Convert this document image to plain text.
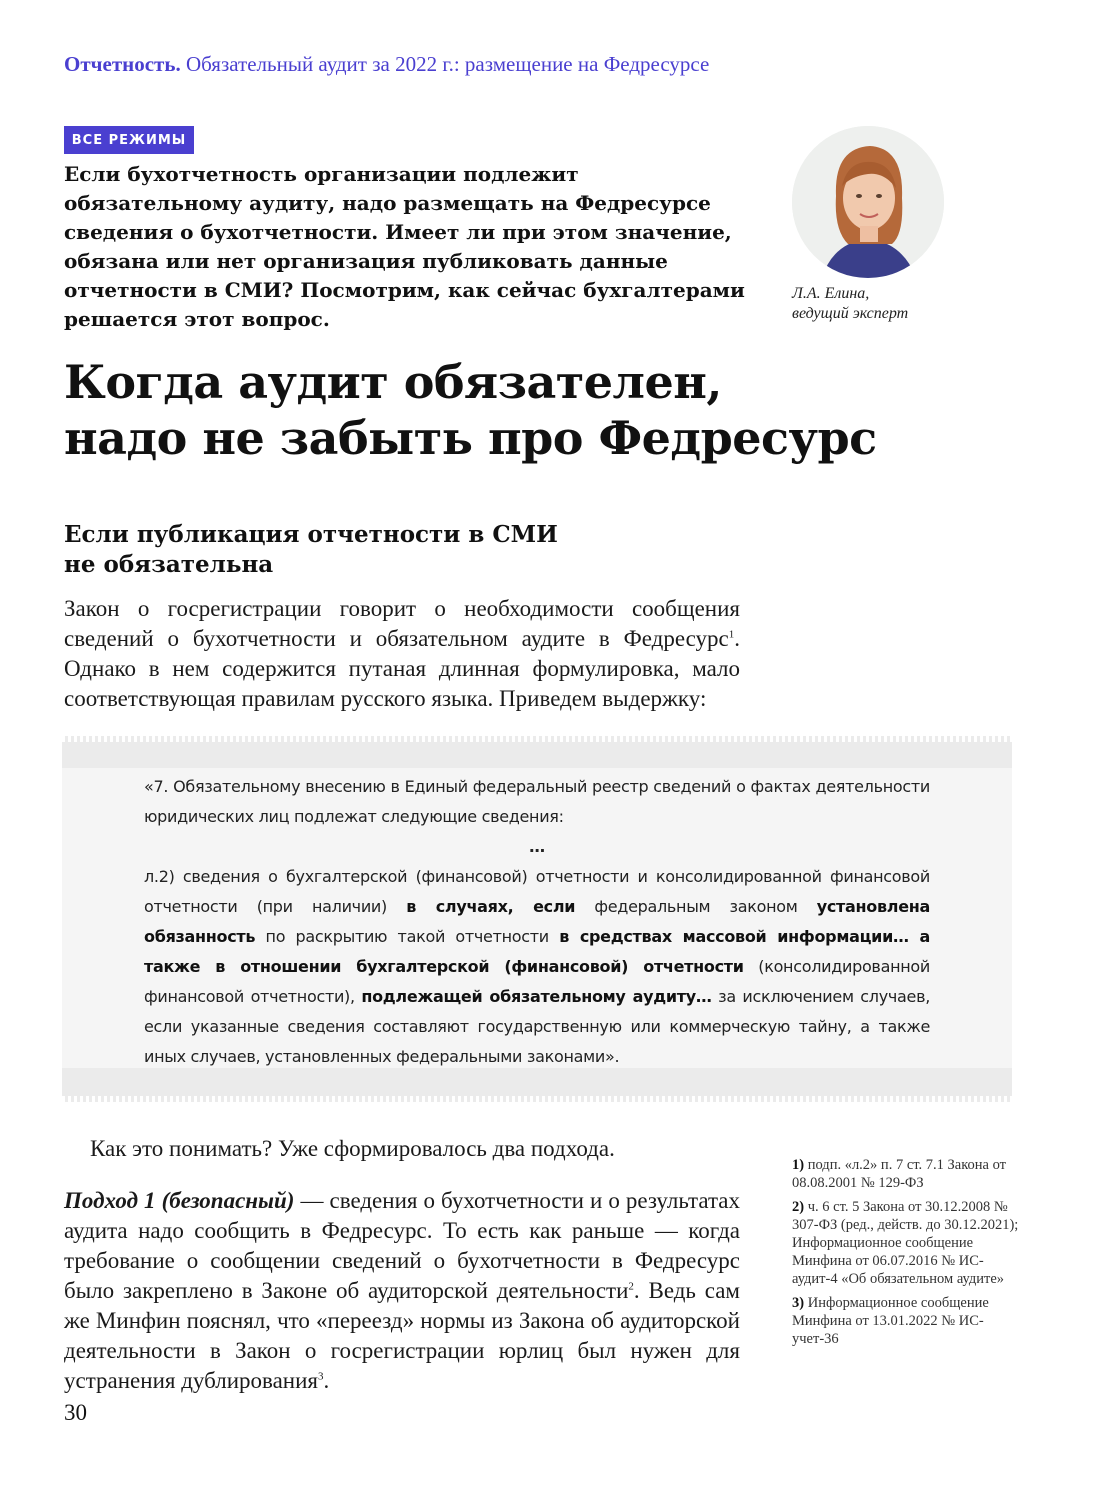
Отчетность. Обязательный аудит за 2022 г.: размещение на Федресурсе
ВСЕ РЕЖИМЫ
Если бухотчетность организации подлежит обязательному аудиту, надо размещать на Федресурсе сведения о бухотчетности. Имеет ли при этом значение, обязана или нет организация публиковать данные отчетности в СМИ? Посмотрим, как сейчас бухгалтерами решается этот вопрос.
Л.А. Елина,
ведущий эксперт
Когда аудит обязателен,
надо не забыть про Федресурс
Если публикация отчетности в СМИ
не обязательна
Закон о госрегистрации говорит о необходимости сообщения сведений о бухотчетности и обязательном аудите в Федресурс$^1$. Однако в нем содержится путаная длинная формулировка, мало соответствующая правилам русского языка. Приведем выдержку:
«7. Обязательному внесению в Единый федеральный реестр сведений о фактах деятельности юридических лиц подлежат следующие сведения:
…
л.2) сведения о бухгалтерской (финансовой) отчетности и консолидированной финансовой отчетности (при наличии) в случаях, если федеральным законом установлена обязанность по раскрытию такой отчетности в средствах массовой информации… а также в отношении бухгалтерской (финансовой) отчетности (консолидированной финансовой отчетности), подлежащей обязательному аудиту… за исключением случаев, если указанные сведения составляют государственную или коммерческую тайну, а также иных случаев, установленных федеральными законами».
Как это понимать? Уже сформировалось два подхода.
Подход 1 (безопасный) — сведения о бухотчетности и о результатах аудита надо сообщить в Федресурс. То есть как раньше — когда требование о сообщении сведений о бухотчетности в Федресурс было закреплено в Законе об аудиторской деятельности$^2$. Ведь сам же Минфин пояснял, что «переезд» нормы из Закона об аудиторской деятельности в Закон о госрегистрации юрлиц был нужен для устранения дублирования$^3$.
1) подп. «л.2» п. 7 ст. 7.1 Закона от 08.08.2001 № 129-ФЗ
2) ч. 6 ст. 5 Закона от 30.12.2008 № 307-ФЗ (ред., действ. до 30.12.2021); Информационное сообщение Минфина от 06.07.2016 № ИС-аудит-4 «Об обязательном аудите»
3) Информационное сообщение Минфина от 13.01.2022 № ИС-учет-36
30
